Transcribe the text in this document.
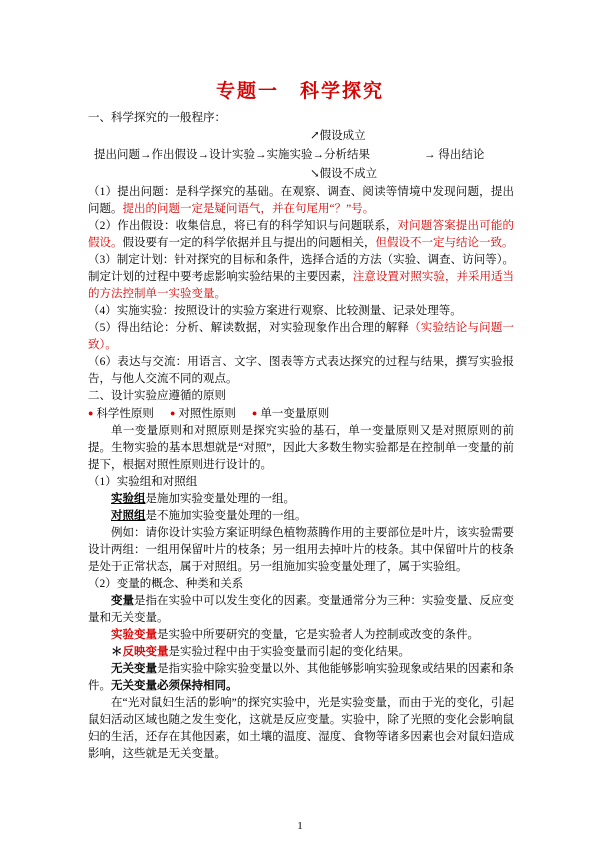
专题一　科学探究

一、科学探究的一般程序：

↗假设成立
提出问题→作出假设→设计实验→实施实验→分析结果	→ 得出结论
↘假设不成立

（1）提出问题：是科学探究的基础。在观察、调查、阅读等情境中发现问题，提出问题。提出的问题一定是疑问语气，并在句尾用“？”号。

（2）作出假设：收集信息，将已有的科学知识与问题联系，对问题答案提出可能的假设。假设要有一定的科学依据并且与提出的问题相关，但假设不一定与结论一致。

（3）制定计划：针对探究的目标和条件，选择合适的方法（实验、调查、访问等）。制定计划的过程中要考虑影响实验结果的主要因素，注意设置对照实验，并采用适当的方法控制单一实验变量。

（4）实施实验：按照设计的实验方案进行观察、比较测量、记录处理等。

（5）得出结论：分析、解读数据，对实验现象作出合理的解释（实验结论与问题一致）。

（6）表达与交流：用语言、文字、图表等方式表达探究的过程与结果，撰写实验报告，与他人交流不同的观点。

二、设计实验应遵循的原则

● 科学性原则 ● 对照性原则 ● 单一变量原则

单一变量原则和对照原则是探究实验的基石，单一变量原则又是对照原则的前提。生物实验的基本思想就是“对照”，因此大多数生物实验都是在控制单一变量的前提下，根据对照性原则进行设计的。

（1）实验组和对照组

实验组是施加实验变量处理的一组。

对照组是不施加实验变量处理的一组。

例如：请你设计实验方案证明绿色植物蒸腾作用的主要部位是叶片，该实验需要设计两组：一组用保留叶片的枝条；另一组用去掉叶片的枝条。其中保留叶片的枝条是处于正常状态，属于对照组。另一组施加实验变量处理了，属于实验组。

（2）变量的概念、种类和关系

变量是指在实验中可以发生变化的因素。变量通常分为三种：实验变量、反应变量和无关变量。

实验变量是实验中所要研究的变量，它是实验者人为控制或改变的条件。

＊反映变量是实验过程中由于实验变量而引起的变化结果。

无关变量是指实验中除实验变量以外、其他能够影响实验现象或结果的因素和条件。无关变量必须保持相同。

在“光对鼠妇生活的影响”的探究实验中，光是实验变量，而由于光的变化，引起鼠妇活动区域也随之发生变化，这就是反应变量。实验中，除了光照的变化会影响鼠妇的生活，还存在其他因素，如土壤的温度、湿度、食物等诸多因素也会对鼠妇造成影响，这些就是无关变量。

1
